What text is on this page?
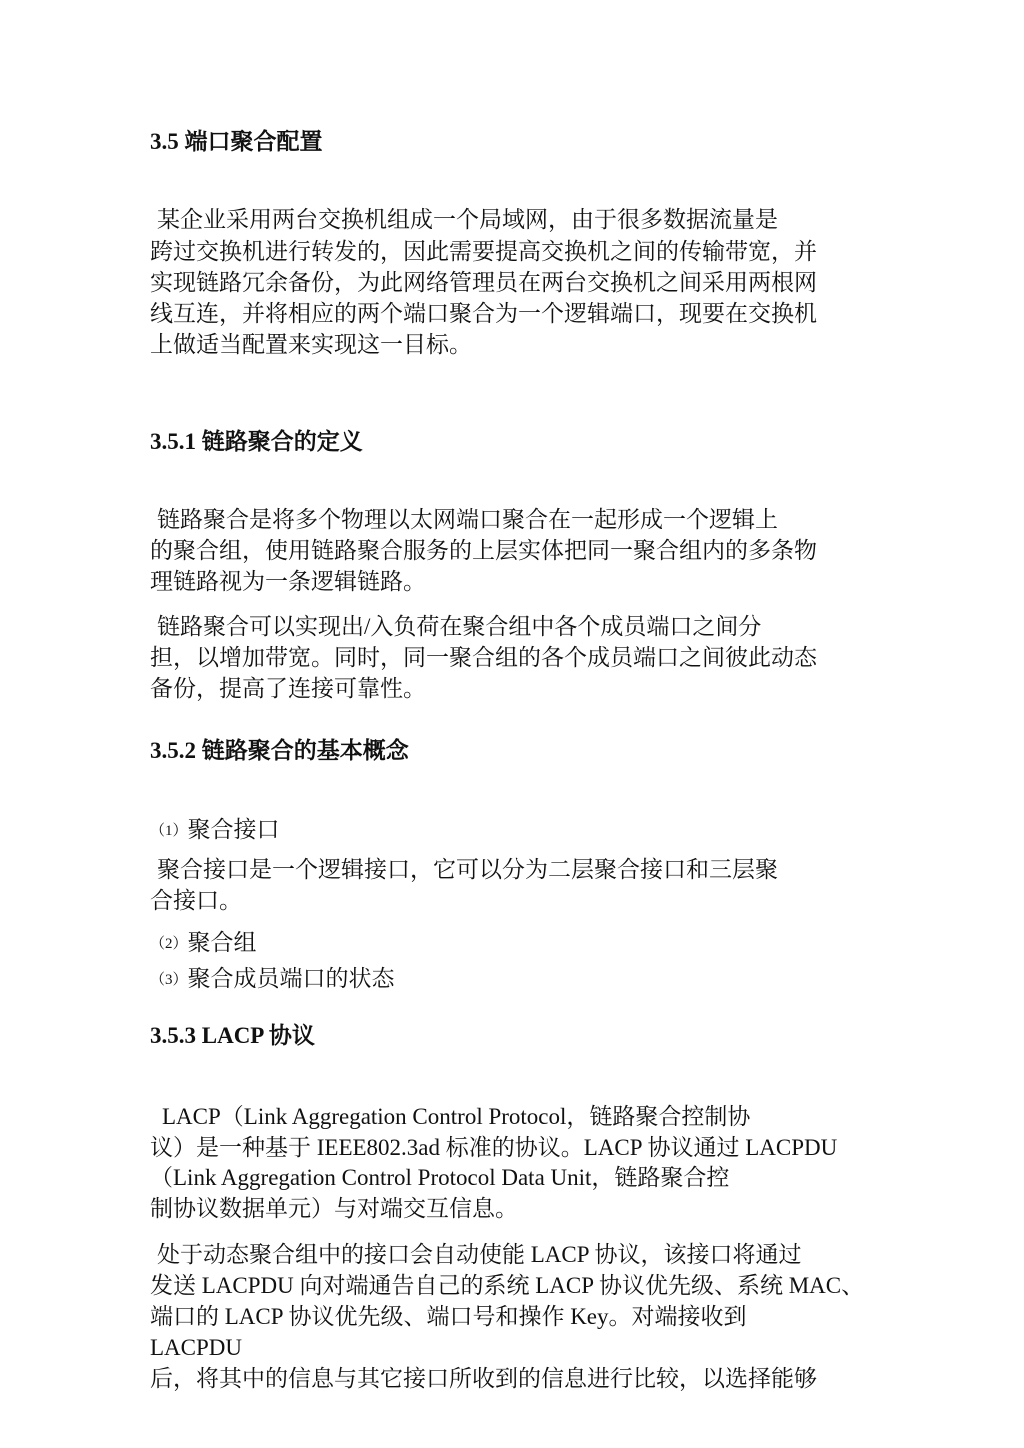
3.5 端口聚合配置
某企业采用两台交换机组成一个局域网，由于很多数据流量是
跨过交换机进行转发的，因此需要提高交换机之间的传输带宽，并
实现链路冗余备份，为此网络管理员在两台交换机之间采用两根网
线互连，并将相应的两个端口聚合为一个逻辑端口，现要在交换机
上做适当配置来实现这一目标。
3.5.1 链路聚合的定义
链路聚合是将多个物理以太网端口聚合在一起形成一个逻辑上
的聚合组，使用链路聚合服务的上层实体把同一聚合组内的多条物
理链路视为一条逻辑链路。
链路聚合可以实现出/入负荷在聚合组中各个成员端口之间分
担，以增加带宽。同时，同一聚合组的各个成员端口之间彼此动态
备份，提高了连接可靠性。
3.5.2 链路聚合的基本概念
（1）聚合接口
聚合接口是一个逻辑接口，它可以分为二层聚合接口和三层聚
合接口。
（2）聚合组
（3）聚合成员端口的状态
3.5.3 LACP 协议
LACP（Link Aggregation Control Protocol，链路聚合控制协
议）是一种基于 IEEE802.3ad 标准的协议。LACP 协议通过 LACPDU
（Link Aggregation Control Protocol Data Unit，链路聚合控
制协议数据单元）与对端交互信息。
处于动态聚合组中的接口会自动使能 LACP 协议，该接口将通过
发送 LACPDU 向对端通告自己的系统 LACP 协议优先级、系统 MAC、
端口的 LACP 协议优先级、端口号和操作 Key。对端接收到
LACPDU
后，将其中的信息与其它接口所收到的信息进行比较，以选择能够
